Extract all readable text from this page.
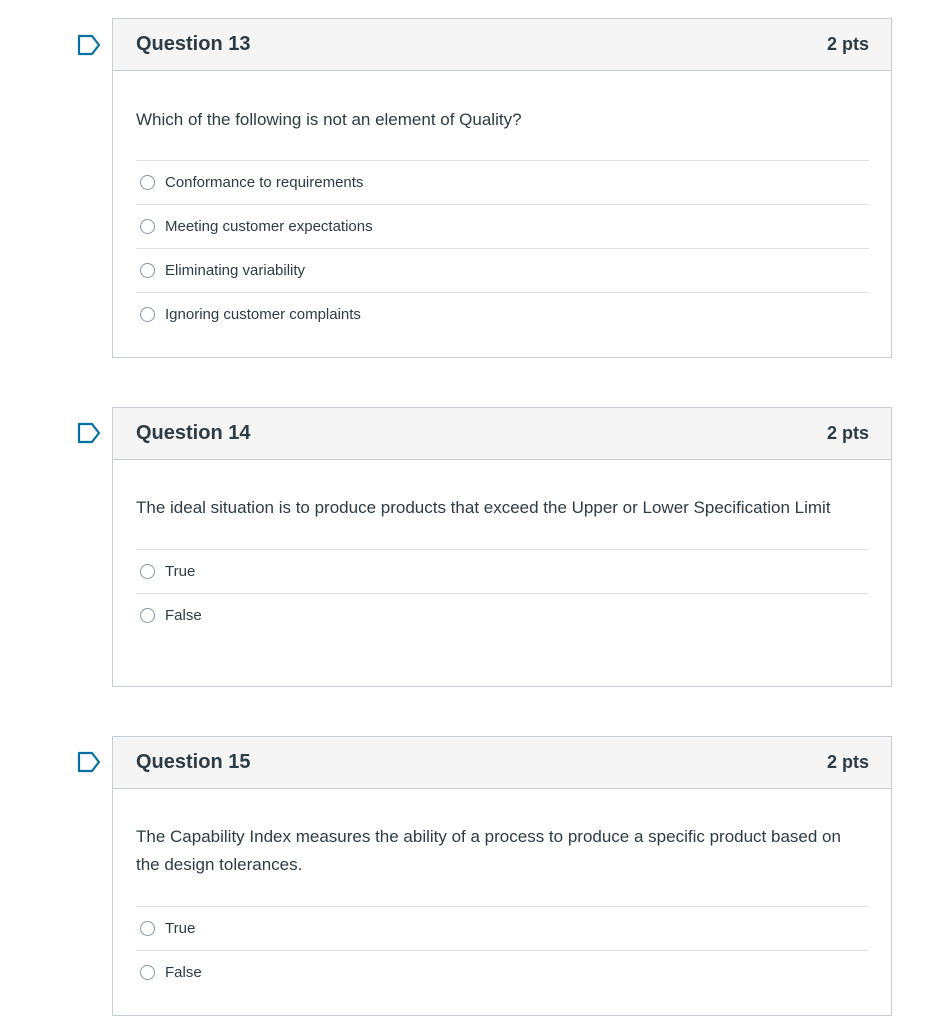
Question 13	2 pts
Which of the following is not an element of Quality?
Conformance to requirements
Meeting customer expectations
Eliminating variability
Ignoring customer complaints
Question 14	2 pts
The ideal situation is to produce products that exceed the Upper or Lower Specification Limit
True
False
Question 15	2 pts
The Capability Index measures the ability of a process to produce a specific product based on the design tolerances.
True
False
